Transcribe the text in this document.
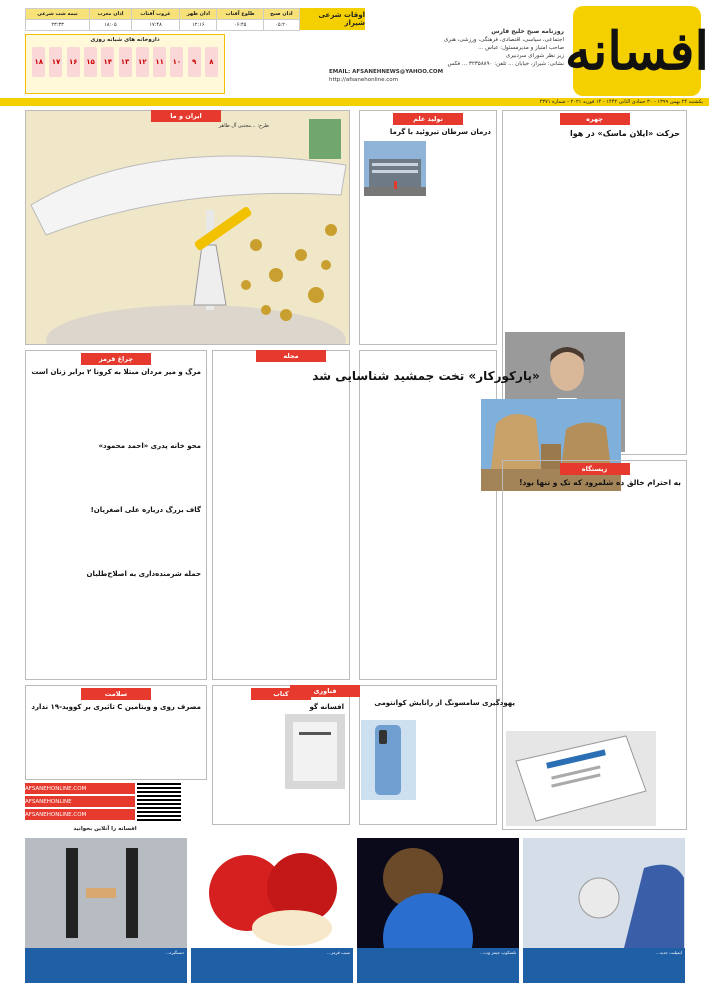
افسانه
روزنامه صبح خلیج فارس
اجتماعی، سیاسی، اقتصادی، فرهنگی، ورزشی، هنری
صاحب امتیاز و مدیرمسئول: عباس ...
زیر نظر شورای سردبیری
نشانی: شیراز، خیابان ... تلفن: ۳۲۳۵۸۸۹۰ ... فکس
EMAIL: AFSANEHNEWS@YAHOO.COM
http://afsanehonline.com
اوقات شرعی شیراز
اذان صبح	طلوع آفتاب	اذان ظهر	غروب آفتاب	اذان مغرب	نیمه شب شرعی
۰۵:۲۰	۰۶:۴۵	۱۲:۱۶	۱۷:۴۸	۱۸:۰۵	۲۳:۳۳
داروخانه های شبانه روزی
۸
۹
۱۰
۱۱
۱۲
۱۳
۱۴
۱۵
۱۶
۱۷
۱۸
یکشنبه ۲۴ بهمن ۱۳۹۹ - ۳۰ جمادی الثانی ۱۴۴۲ - ۱۴ فوریه ۲۰۲۱ - شماره ۴۳۷۱
چهره
حرکت «ایلان ماسک» در هوا
تولید علم
درمان سرطان تیروئید با گرما
ایران و ما
طرح: ...مجتبی آل طاهر
مجله
«پارکورکار» تخت جمشید شناسایی شد
چراغ قرمز
مرگ و میر مردان مبتلا به کرونا ۲ برابر زنان است
محو خانه پدری «احمد محمود»
گاف بزرگ درباره علی اصغریان!
حمله شرمنده‌داری به اصلاح‌طلبان
سلامت
مصرف روی و ویتامین C تاثیری بر کووید-۱۹ ندارد
زیستگاه
به احترام خالق ده شلمرود که تک و تنها بود!
کتاب
افسانه گو
فناوری
یهودگیری سامسونگ از رانایش کوانتومی
AFSANEHONLINE.COM
AFSANEHONLINE
AFSANEHONLINE.COM
افسانه را آنلاین بخوانید
ایمپلنت جدید...
تلسکوپ جیمز وب...
سیب قرمز...
دستگیره...
